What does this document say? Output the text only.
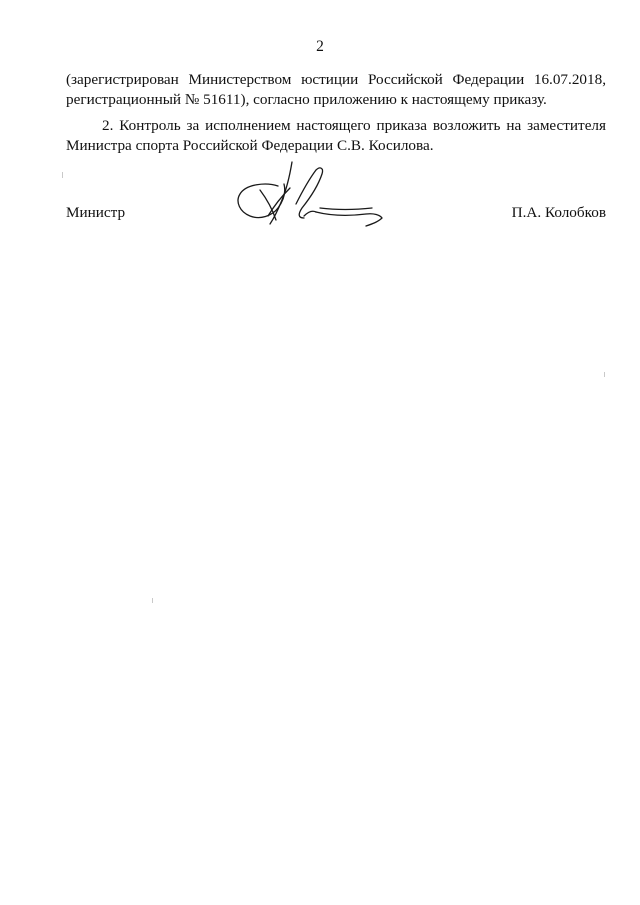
2

(зарегистрирован Министерством юстиции Российской Федерации 16.07.2018,
регистрационный № 51611), согласно приложению к настоящему приказу.

2. Контроль за исполнением настоящего приказа возложить на заместителя
Министра спорта Российской Федерации С.В. Косилова.

Министр	П.А. Колобков
